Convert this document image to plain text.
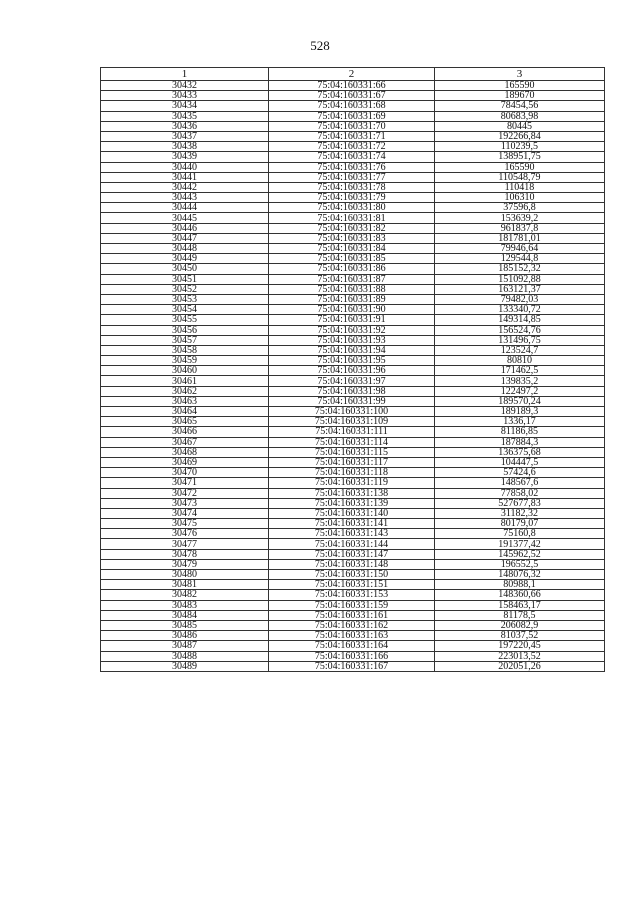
528
1	2	3
30432	75:04:160331:66	165590
30433	75:04:160331:67	189670
30434	75:04:160331:68	78454,56
30435	75:04:160331:69	80683,98
30436	75:04:160331:70	80445
30437	75:04:160331:71	192266,84
30438	75:04:160331:72	110239,5
30439	75:04:160331:74	138951,75
30440	75:04:160331:76	165590
30441	75:04:160331:77	110548,79
30442	75:04:160331:78	110418
30443	75:04:160331:79	106310
30444	75:04:160331:80	37596,8
30445	75:04:160331:81	153639,2
30446	75:04:160331:82	961837,8
30447	75:04:160331:83	181781,01
30448	75:04:160331:84	79946,64
30449	75:04:160331:85	129544,8
30450	75:04:160331:86	185152,32
30451	75:04:160331:87	151092,88
30452	75:04:160331:88	163121,37
30453	75:04:160331:89	79482,03
30454	75:04:160331:90	133340,72
30455	75:04:160331:91	149314,85
30456	75:04:160331:92	156524,76
30457	75:04:160331:93	131496,75
30458	75:04:160331:94	123524,7
30459	75:04:160331:95	80810
30460	75:04:160331:96	171462,5
30461	75:04:160331:97	139835,2
30462	75:04:160331:98	122497,2
30463	75:04:160331:99	189570,24
30464	75:04:160331:100	189189,3
30465	75:04:160331:109	1336,17
30466	75:04:160331:111	81186,85
30467	75:04:160331:114	187884,3
30468	75:04:160331:115	136375,68
30469	75:04:160331:117	104447,5
30470	75:04:160331:118	57424,6
30471	75:04:160331:119	148567,6
30472	75:04:160331:138	77858,02
30473	75:04:160331:139	527677,83
30474	75:04:160331:140	31182,32
30475	75:04:160331:141	80179,07
30476	75:04:160331:143	75160,8
30477	75:04:160331:144	191377,42
30478	75:04:160331:147	145962,52
30479	75:04:160331:148	196552,5
30480	75:04:160331:150	148076,32
30481	75:04:160331:151	80988,1
30482	75:04:160331:153	148360,66
30483	75:04:160331:159	158463,17
30484	75:04:160331:161	81178,5
30485	75:04:160331:162	206082,9
30486	75:04:160331:163	81037,52
30487	75:04:160331:164	197220,45
30488	75:04:160331:166	223013,52
30489	75:04:160331:167	202051,26
